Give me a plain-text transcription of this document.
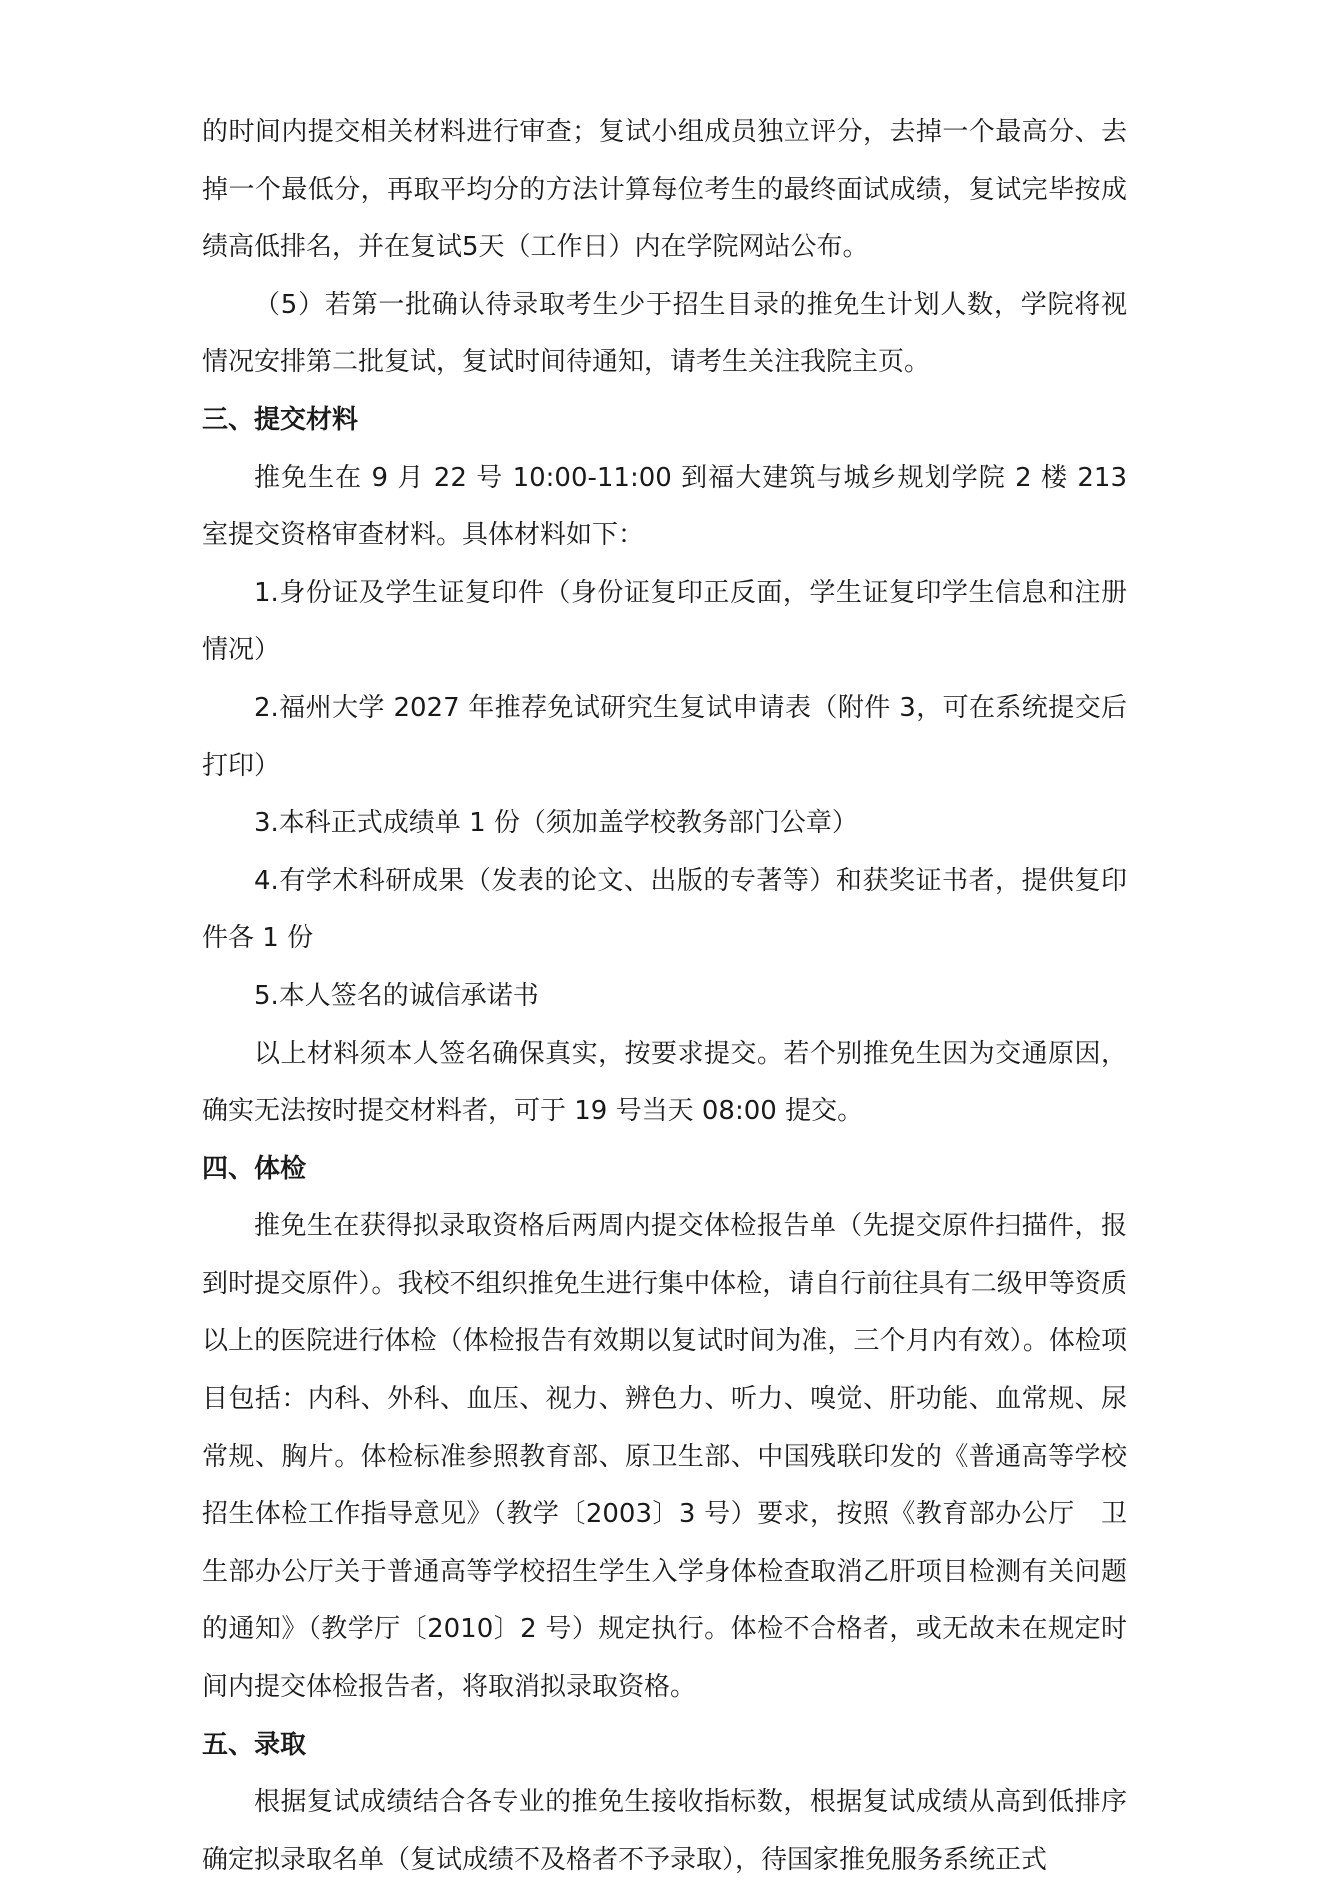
的时间内提交相关材料进行审查；复试小组成员独立评分，去掉一个最高分、去掉一个最低分，再取平均分的方法计算每位考生的最终面试成绩，复试完毕按成绩高低排名，并在复试5天（工作日）内在学院网站公布。

（5）若第一批确认待录取考生少于招生目录的推免生计划人数，学院将视情况安排第二批复试，复试时间待通知，请考生关注我院主页。

三、提交材料

推免生在 9 月 22 号 10:00-11:00 到福大建筑与城乡规划学院 2 楼 213 室提交资格审查材料。具体材料如下：

1.身份证及学生证复印件（身份证复印正反面，学生证复印学生信息和注册情况）

2.福州大学 2027 年推荐免试研究生复试申请表（附件 3，可在系统提交后打印）

3.本科正式成绩单 1 份（须加盖学校教务部门公章）

4.有学术科研成果（发表的论文、出版的专著等）和获奖证书者，提供复印件各 1 份

5.本人签名的诚信承诺书

以上材料须本人签名确保真实，按要求提交。若个别推免生因为交通原因，确实无法按时提交材料者，可于 19 号当天 08:00 提交。

四、体检

推免生在获得拟录取资格后两周内提交体检报告单（先提交原件扫描件，报到时提交原件）。我校不组织推免生进行集中体检，请自行前往具有二级甲等资质以上的医院进行体检（体检报告有效期以复试时间为准，三个月内有效）。体检项目包括：内科、外科、血压、视力、辨色力、听力、嗅觉、肝功能、血常规、尿常规、胸片。体检标准参照教育部、原卫生部、中国残联印发的《普通高等学校招生体检工作指导意见》（教学〔2003〕3 号）要求，按照《教育部办公厅　卫生部办公厅关于普通高等学校招生学生入学身体检查取消乙肝项目检测有关问题的通知》（教学厅〔2010〕2 号）规定执行。体检不合格者，或无故未在规定时间内提交体检报告者，将取消拟录取资格。

五、录取

根据复试成绩结合各专业的推免生接收指标数，根据复试成绩从高到低排序确定拟录取名单（复试成绩不及格者不予录取），待国家推免服务系统正式
